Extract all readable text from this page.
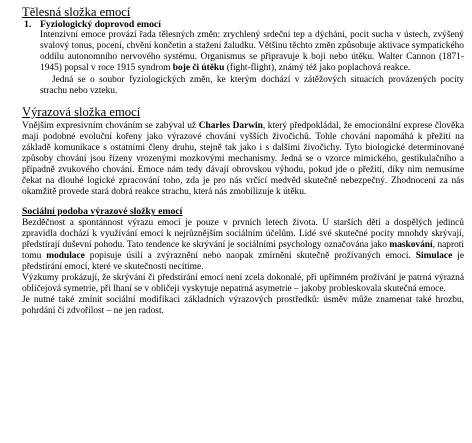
Tělesná složka emocí
1. Fyziologický doprovod emocí

Intenzivní emoce provází řada tělesných změn: zrychlený srdeční tep a dýchání, pocit sucha v ústech, zvýšený svalový tonus, pocení, chvění končetin a stažení žaludku. Většinu těchto změn způsobuje aktivace sympatického oddílu autonomního nervového systému. Organismus se připravuje k boji nebo útěku. Walter Cannon (1871-1945) popsal v roce 1915 syndrom boje či útěku (fight-flight), známý též jako poplachová reakce.

Jedná se o soubor fyziologických změn, ke kterým dochází v zátěžových situacích provázených pocity strachu nebo vzteku.

Výrazová složka emocí

Vnějším expresivním chováním se zabýval už Charles Darwin, který předpokládal, že emocionální exprese člověka mají podobné evoluční kořeny jako výrazové chování vyšších živočichů. Tohle chování napomáhá k přežití na základě komunikace s ostatními členy druhu, stejně tak jako i s dalšími živočichy. Tyto biologické determinované způsoby chování jsou řízeny vrozenými mozkovými mechanismy. Jedná se o vzorce mimického, gestikulačního a případně zvukového chování. Emoce nám tedy dávají obrovskou výhodu, pokud jde o přežití, díky nim nemusíme čekat na dlouhé logické zpracování toho, zda je pro nás vrčící medvěd skutečně nebezpečný. Zhodnocení za nás okamžitě provede stará dobrá reakce strachu, která nás zmobilizuje k útěku.

Sociální podoba výrazové složky emocí

Bezděčnost a spontánnost výrazu emocí je pouze v prvních letech života. U starších dětí a dospělých jedinců zpravidla dochází k využívání emocí k nejrůznějším sociálním účelům. Lidé své skutečné pocity mnohdy skrývají, předstírají duševní pohodu. Tato tendence ke skrývání je sociálními psychology označována jako maskování, naproti tomu modulace popisuje úsilí a zvýraznění nebo naopak zmírnění skutečně prožívaných emocí. Simulace je předstírání emocí, které ve skutečnosti necítíme.

Výzkumy prokázují, že skrývání či předstírání emocí není zcela dokonalé, při upřímném prožívání je patrná výrazná obličejová symetrie, při lhaní se v obličeji vyskytuje nepatrná asymetrie – jakoby probleskovala skutečná emoce.

Je nutné také zmínit sociální modifikaci základních výrazových prostředků: úsměv může znamenat také hrozbu, pohrdání či zdvořilost – ne jen radost.
